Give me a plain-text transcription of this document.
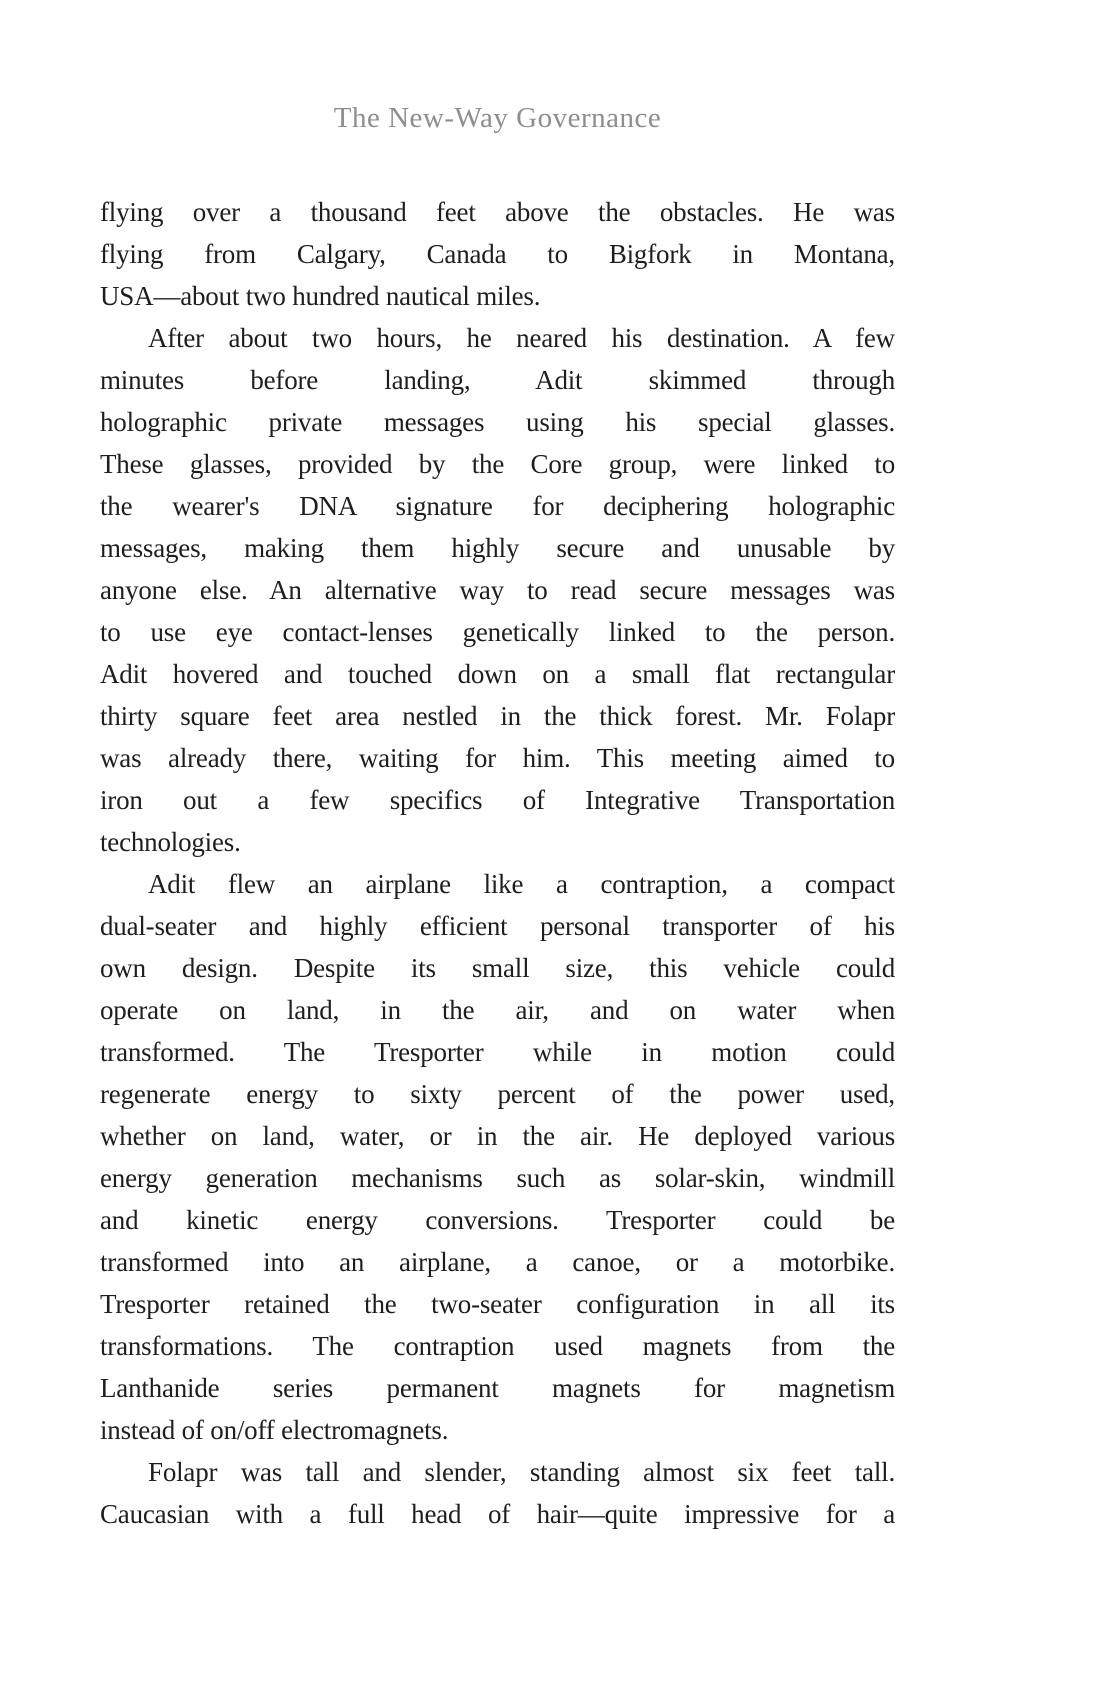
The New-Way Governance
flying over a thousand feet above the obstacles. He was
flying from Calgary, Canada to Bigfork in Montana,
USA—about two hundred nautical miles.
After about two hours, he neared his destination. A few
minutes before landing, Adit skimmed through
holographic private messages using his special glasses.
These glasses, provided by the Core group, were linked to
the wearer's DNA signature for deciphering holographic
messages, making them highly secure and unusable by
anyone else. An alternative way to read secure messages was
to use eye contact-lenses genetically linked to the person.
Adit hovered and touched down on a small flat rectangular
thirty square feet area nestled in the thick forest. Mr. Folapr
was already there, waiting for him. This meeting aimed to
iron out a few specifics of Integrative Transportation
technologies.
Adit flew an airplane like a contraption, a compact
dual-seater and highly efficient personal transporter of his
own design. Despite its small size, this vehicle could
operate on land, in the air, and on water when
transformed. The Tresporter while in motion could
regenerate energy to sixty percent of the power used,
whether on land, water, or in the air. He deployed various
energy generation mechanisms such as solar-skin, windmill
and kinetic energy conversions. Tresporter could be
transformed into an airplane, a canoe, or a motorbike.
Tresporter retained the two-seater configuration in all its
transformations. The contraption used magnets from the
Lanthanide series permanent magnets for magnetism
instead of on/off electromagnets.
Folapr was tall and slender, standing almost six feet tall.
Caucasian with a full head of hair—quite impressive for a
